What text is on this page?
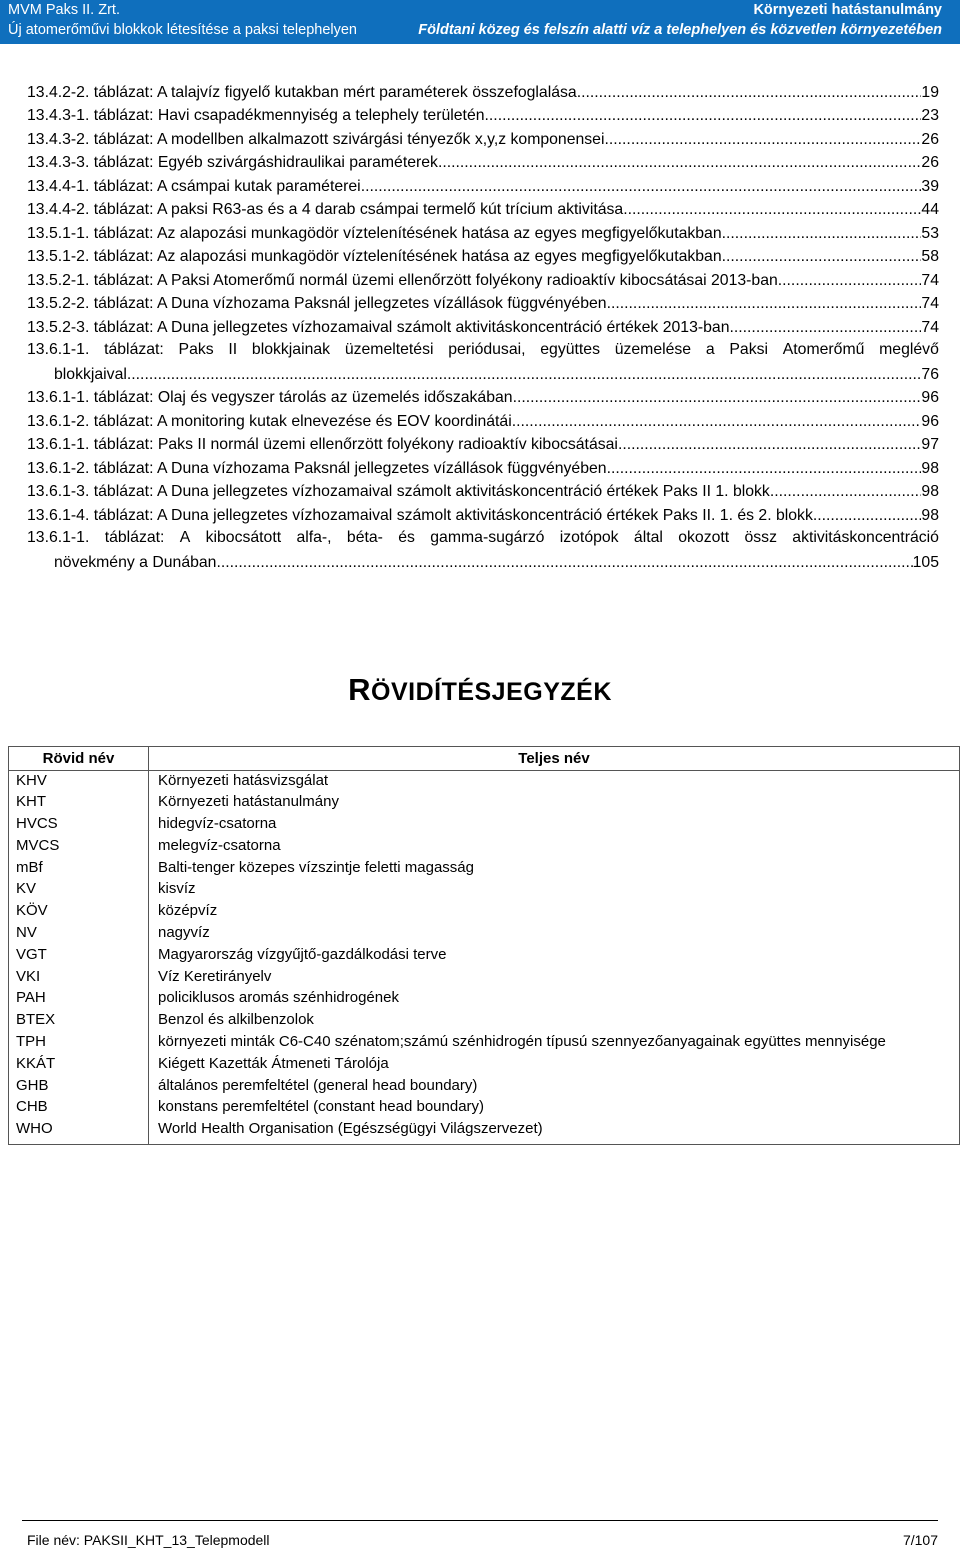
MVM Paks II. Zrt.
Új atomerőművi blokkok létesítése a paksi telephelyen
Környezeti hatástanulmány
Földtani közeg és felszín alatti víz a telephelyen és közvetlen környezetében
13.4.2-2. táblázat: A talajvíz figyelő kutakban mért paraméterek összefoglalása .....	19
13.4.3-1. táblázat: Havi csapadékmennyiség a telephely területén .....	23
13.4.3-2. táblázat: A modellben alkalmazott szivárgási tényezők x,y,z komponensei .....	26
13.4.3-3. táblázat: Egyéb szivárgáshidraulikai paraméterek .....	26
13.4.4-1. táblázat: A csámpai kutak paraméterei .....	39
13.4.4-2. táblázat: A paksi R63-as és a 4 darab csámpai termelő kút trícium aktivitása .....	44
13.5.1-1. táblázat: Az alapozási munkagödör víztelenítésének hatása az egyes megfigyelőkutakban .....	53
13.5.1-2. táblázat: Az alapozási munkagödör víztelenítésének hatása az egyes megfigyelőkutakban .....	58
13.5.2-1. táblázat: A Paksi Atomerőmű normál üzemi ellenőrzött folyékony radioaktív kibocsátásai 2013-ban .....	74
13.5.2-2. táblázat: A Duna vízhozama Paksnál jellegzetes vízállások függvényében .....	74
13.5.2-3. táblázat: A Duna jellegzetes vízhozamaival számolt aktivitáskoncentráció értékek 2013-ban .....	74
13.6.1-1. táblázat: Paks II blokkjainak üzemeltetési periódusai, együttes üzemelése a Paksi Atomerőmű meglévő
blokkjaival .....	76
13.6.1-1. táblázat: Olaj és vegyszer tárolás az üzemelés időszakában .....	96
13.6.1-2. táblázat: A monitoring kutak elnevezése és EOV koordinátái .....	96
13.6.1-1. táblázat: Paks II normál üzemi ellenőrzött folyékony radioaktív kibocsátásai .....	97
13.6.1-2. táblázat: A Duna vízhozama Paksnál jellegzetes vízállások függvényében .....	98
13.6.1-3. táblázat: A Duna jellegzetes vízhozamaival számolt aktivitáskoncentráció értékek Paks II 1. blokk .....	98
13.6.1-4. táblázat: A Duna jellegzetes vízhozamaival számolt aktivitáskoncentráció értékek Paks II. 1. és 2. blokk .....	98
13.6.1-1. táblázat: A kibocsátott alfa-, béta- és gamma-sugárzó izotópok által okozott össz aktivitáskoncentráció
növekmény a Dunában .....	105
RÖVIDÍTÉSJEGYZÉK
Rövid név	Teljes név
KHV	Környezeti hatásvizsgálat
KHT	Környezeti hatástanulmány
HVCS	hidegvíz-csatorna
MVCS	melegvíz-csatorna
mBf	Balti-tenger közepes vízszintje feletti magasság
KV	kisvíz
KÖV	középvíz
NV	nagyvíz
VGT	Magyarország vízgyűjtő-gazdálkodási terve
VKI	Víz Keretirányelv
PAH	policiklusos aromás szénhidrogének
BTEX	Benzol és alkilbenzolok
TPH	környezeti minták C6-C40 szénatom;számú szénhidrogén típusú szennyezőanyagainak együttes mennyisége
KKÁT	Kiégett Kazetták Átmeneti Tárolója
GHB	általános peremfeltétel (general head boundary)
CHB	konstans peremfeltétel (constant head boundary)
WHO	World Health Organisation (Egészségügyi Világszervezet)
File név: PAKSII_KHT_13_Telepmodell	7/107
